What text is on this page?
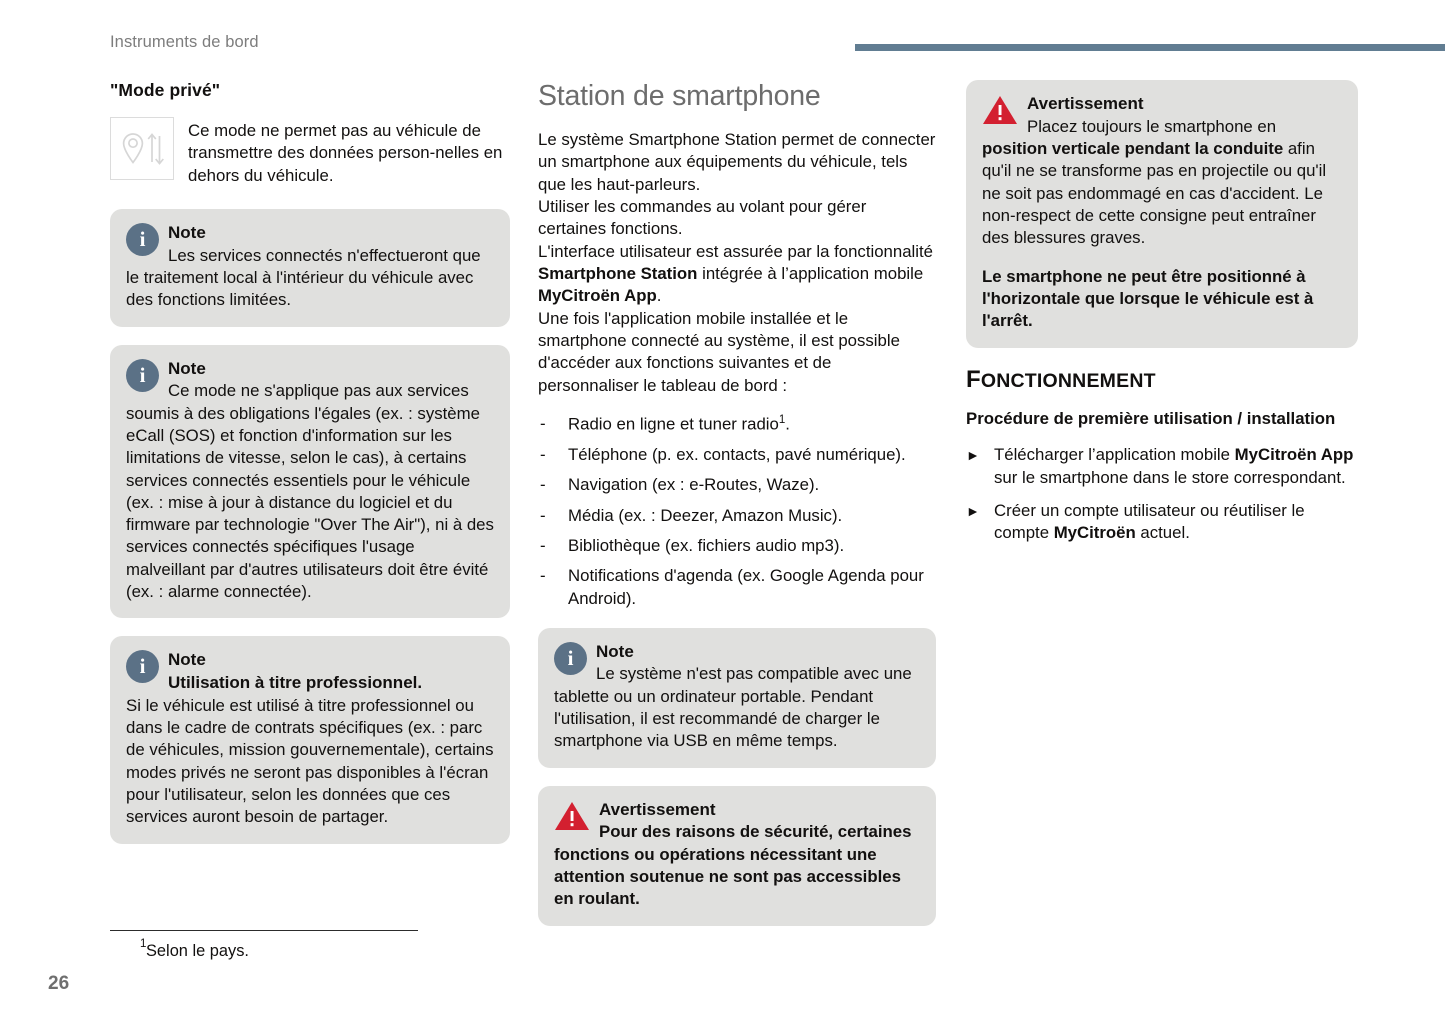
Instruments de bord
26
"Mode privé"
Ce mode ne permet pas au véhicule de transmettre des données person-nelles en dehors du véhicule.
i	Note
Les services connectés n'effectueront que le traitement local à l'intérieur du véhicule avec des fonctions limitées.
i	Note
Ce mode ne s'applique pas aux services soumis à des obligations l'égales (ex. : système eCall (SOS) et fonction d'information sur les limitations de vitesse, selon le cas), à certains services connectés essentiels pour le véhicule (ex. : mise à jour à distance du logiciel et du firmware par technologie "Over The Air"), ni à des services connectés spécifiques l'usage malveillant par d'autres utilisateurs doit être évité (ex. : alarme connectée).
i	Note
Utilisation à titre professionnel.
Si le véhicule est utilisé à titre professionnel ou dans le cadre de contrats spécifiques (ex. : parc de véhicules, mission gouvernementale), certains modes privés ne seront pas disponibles à l'écran pour l'utilisateur, selon les données que ces services auront besoin de partager.
1 Selon le pays.
Station de smartphone

Le système Smartphone Station permet de connecter un smartphone aux équipements du véhicule, tels que les haut-parleurs.

Utiliser les commandes au volant pour gérer certaines fonctions.

L'interface utilisateur est assurée par la fonctionnalité Smartphone Station intégrée à l’application mobile MyCitroën App.

Une fois l'application mobile installée et le smartphone connecté au système, il est possible d'accéder aux fonctions suivantes et de personnaliser le tableau de bord :

- Radio en ligne et tuner radio$^1$.
- Téléphone (p. ex. contacts, pavé numérique).
- Navigation (ex : e-Routes, Waze).
- Média (ex. : Deezer, Amazon Music).
- Bibliothèque (ex. fichiers audio mp3).
- Notifications d'agenda (ex. Google Agenda pour Android).
i	Note
Le système n'est pas compatible avec une tablette ou un ordinateur portable. Pendant l'utilisation, il est recommandé de charger le smartphone via USB en même temps.
Avertissement
Pour des raisons de sécurité, certaines fonctions ou opérations nécessitant une attention soutenue ne sont pas accessibles en roulant.
Avertissement
Placez toujours le smartphone en position verticale pendant la conduite afin qu'il ne se transforme pas en projectile ou qu'il ne soit pas endommagé en cas d'accident. Le non-respect de cette consigne peut entraîner des blessures graves.

Le smartphone ne peut être positionné à l'horizontale que lorsque le véhicule est à l'arrêt.

FONCTIONNEMENT
Procédure de première utilisation / installation
► Télécharger l’application mobile MyCitroën App sur le smartphone dans le store correspondant.
► Créer un compte utilisateur ou réutiliser le compte MyCitroën actuel.
